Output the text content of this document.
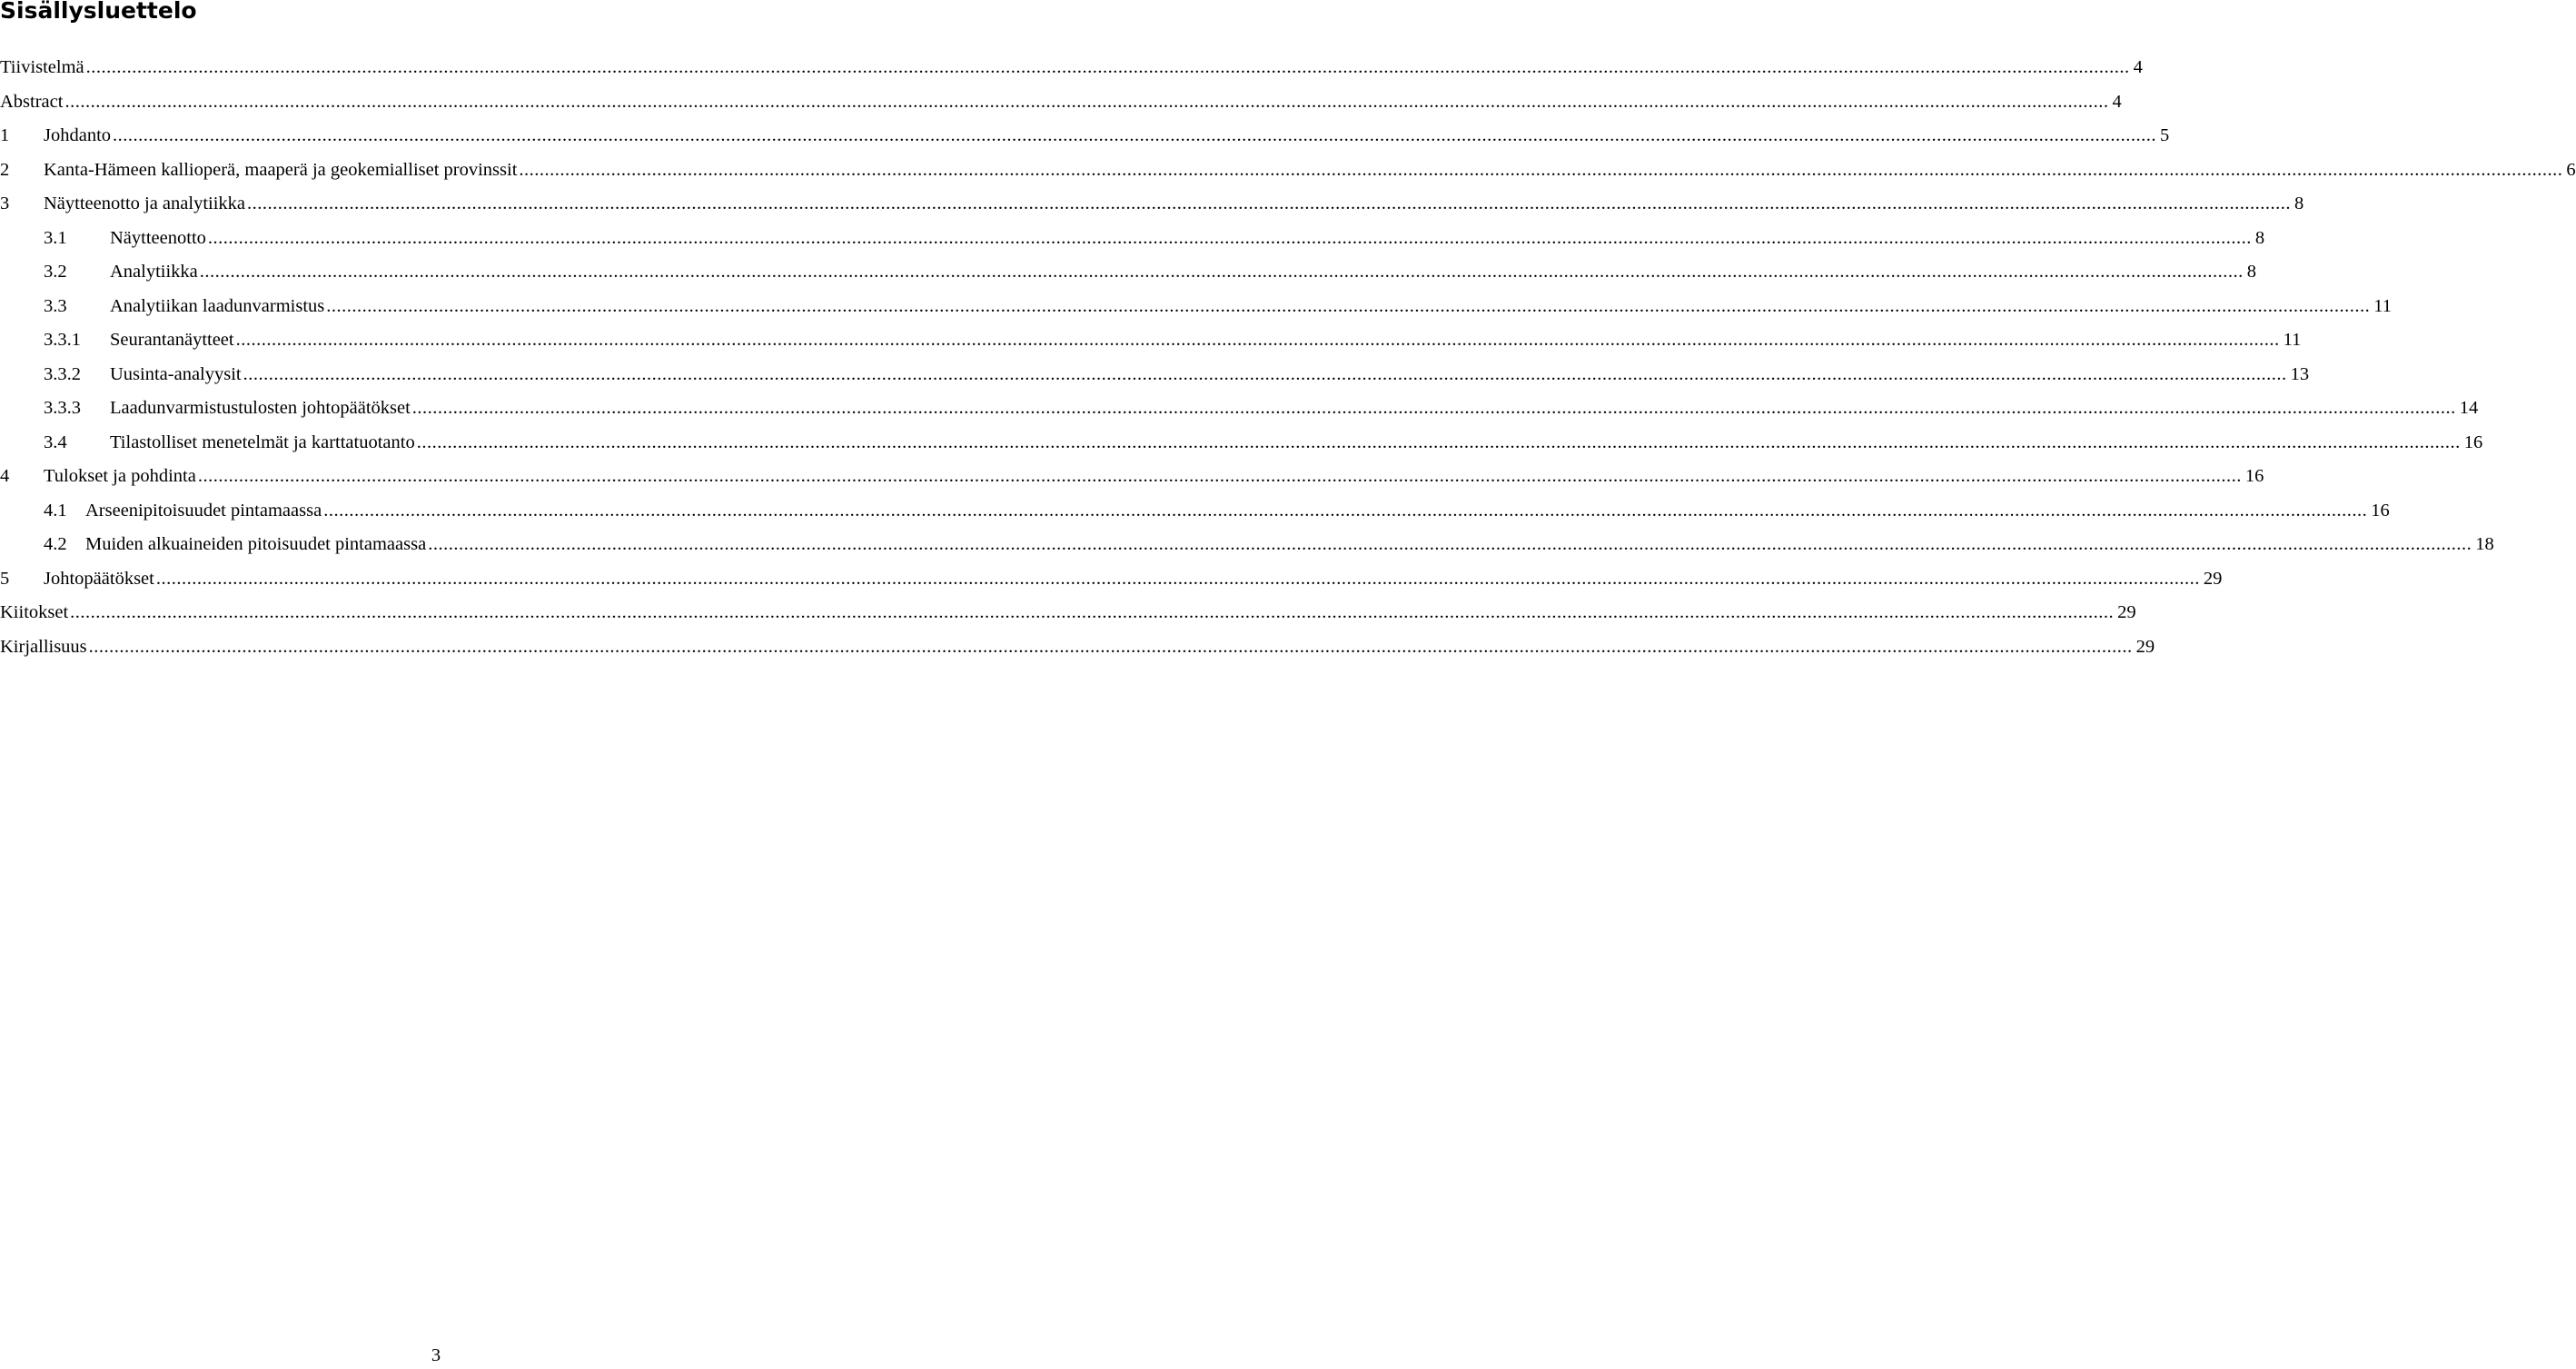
Sisällysluettelo
Tiivistelmä ................................................................................................................................................................................................................................................................................................................................................................................................................ 4
Abstract ................................................................................................................................................................................................................................................................................................................................................................................................................ 4
1	Johdanto ................................................................................................................................................................................................................................................................................................................................................................................................................ 5
2	Kanta-Hämeen kallioperä, maaperä ja geokemialliset provinssit ................................................................................................................................................................................................................................................................................................................................................................................................................ 6
3	Näytteenotto ja analytiikka ................................................................................................................................................................................................................................................................................................................................................................................................................ 8
3.1	Näytteenotto ................................................................................................................................................................................................................................................................................................................................................................................................................ 8
3.2	Analytiikka ................................................................................................................................................................................................................................................................................................................................................................................................................ 8
3.3	Analytiikan laadunvarmistus ................................................................................................................................................................................................................................................................................................................................................................................................................ 11
3.3.1	Seurantanäytteet ................................................................................................................................................................................................................................................................................................................................................................................................................ 11
3.3.2	Uusinta-analyysit ................................................................................................................................................................................................................................................................................................................................................................................................................ 13
3.3.3	Laadunvarmistustulosten johtopäätökset ................................................................................................................................................................................................................................................................................................................................................................................................................ 14
3.4	Tilastolliset menetelmät ja karttatuotanto ................................................................................................................................................................................................................................................................................................................................................................................................................ 16
4	Tulokset ja pohdinta ................................................................................................................................................................................................................................................................................................................................................................................................................ 16
4.1 Arseenipitoisuudet pintamaassa ................................................................................................................................................................................................................................................................................................................................................................................................................ 16
4.2 Muiden alkuaineiden pitoisuudet pintamaassa ................................................................................................................................................................................................................................................................................................................................................................................................................ 18
5	Johtopäätökset ................................................................................................................................................................................................................................................................................................................................................................................................................ 29
Kiitokset ................................................................................................................................................................................................................................................................................................................................................................................................................ 29
Kirjallisuus ................................................................................................................................................................................................................................................................................................................................................................................................................ 29
3
